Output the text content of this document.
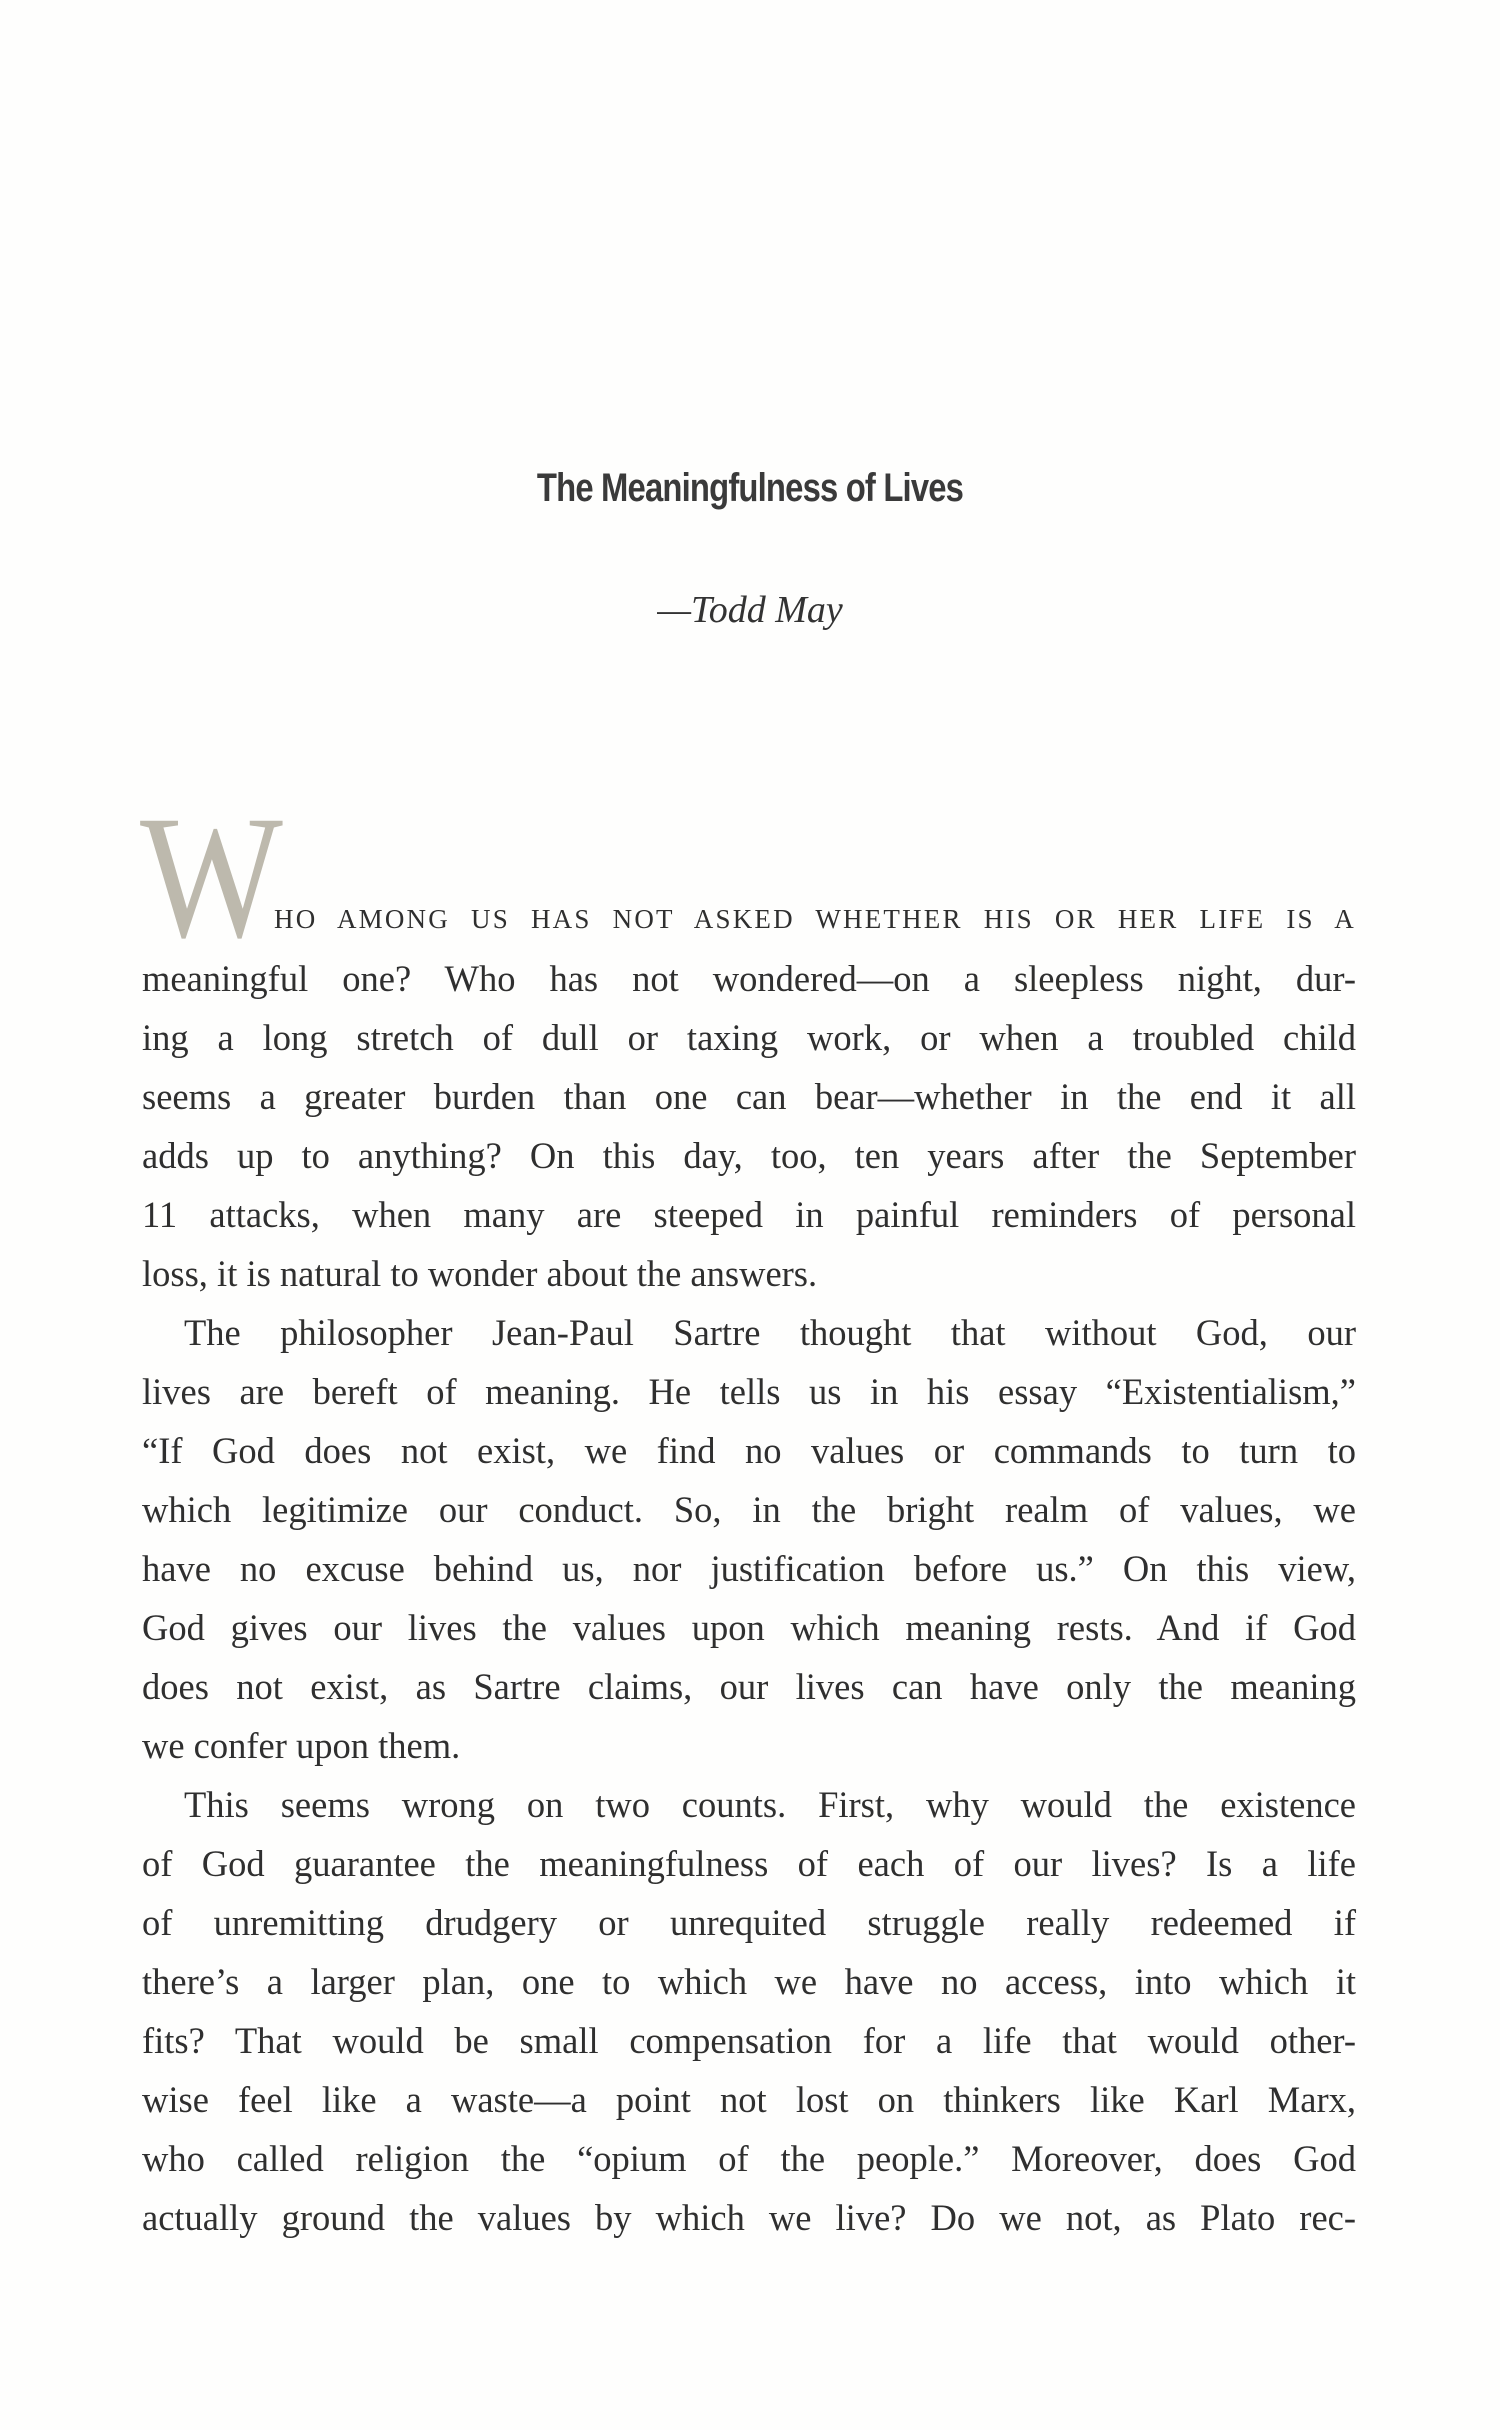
The Meaningfulness of Lives
—Todd May
W
HO AMONG US HAS NOT ASKED WHETHER HIS OR HER LIFE IS A
meaningful one? Who has not wondered—on a sleepless night, dur-
ing a long stretch of dull or taxing work, or when a troubled child
seems a greater burden than one can bear—whether in the end it all
adds up to anything? On this day, too, ten years after the September
11 attacks, when many are steeped in painful reminders of personal
loss, it is natural to wonder about the answers.
The philosopher Jean-Paul Sartre thought that without God, our
lives are bereft of meaning. He tells us in his essay “Existentialism,”
“If God does not exist, we find no values or commands to turn to
which legitimize our conduct. So, in the bright realm of values, we
have no excuse behind us, nor justification before us.” On this view,
God gives our lives the values upon which meaning rests. And if God
does not exist, as Sartre claims, our lives can have only the meaning
we confer upon them.
This seems wrong on two counts. First, why would the existence
of God guarantee the meaningfulness of each of our lives? Is a life
of unremitting drudgery or unrequited struggle really redeemed if
there’s a larger plan, one to which we have no access, into which it
fits? That would be small compensation for a life that would other-
wise feel like a waste—a point not lost on thinkers like Karl Marx,
who called religion the “opium of the people.” Moreover, does God
actually ground the values by which we live? Do we not, as Plato rec-
